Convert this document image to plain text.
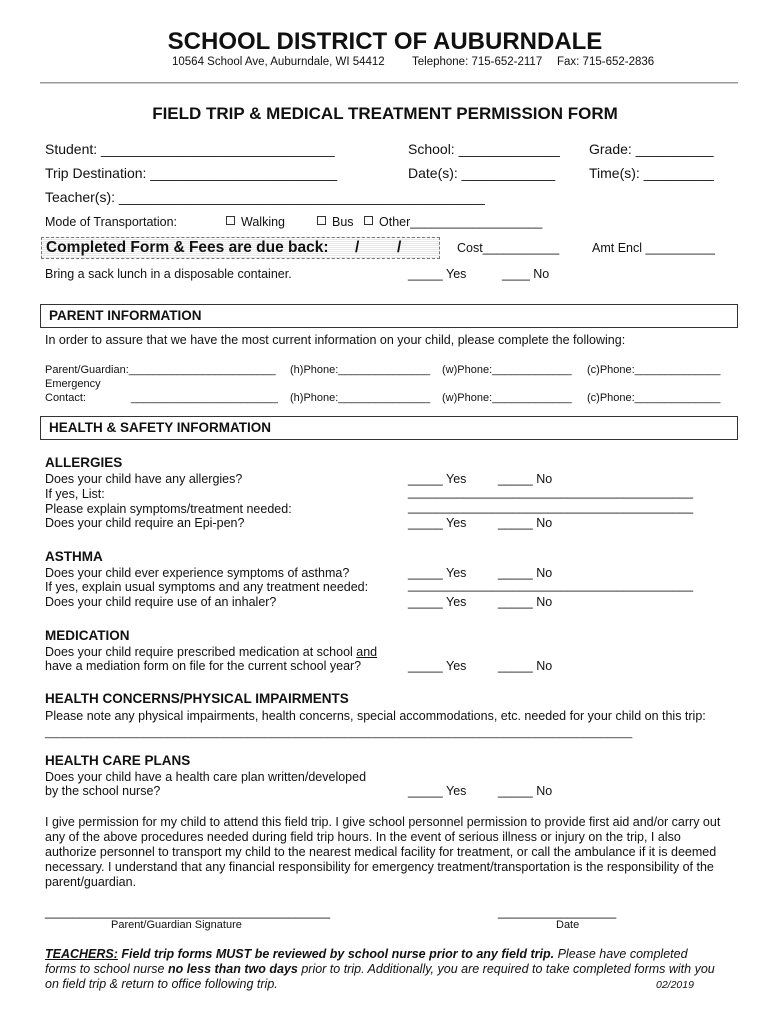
SCHOOL DISTRICT OF AUBURNDALE
10564 School Ave, Auburndale, WI 54412 Telephone: 715-652-2117 Fax: 715-652-2836
FIELD TRIP & MEDICAL TREATMENT PERMISSION FORM
Student: ______________________________	School: _____________ Grade: __________
Trip Destination: ________________________	Date(s): ____________ Time(s): _________
Teacher(s): _______________________________________________
Mode of Transportation:	Walking	Bus	Other___________________
Completed Form & Fees are due back: / /	Cost___________	Amt Encl __________
Bring a sack lunch in a disposable container.	_____ Yes	____ No
PARENT INFORMATION
In order to assure that we have the most current information on your child, please complete the following:
Parent/Guardian:________________________ (h)Phone:_______________ (w)Phone:_____________ (c)Phone:______________
Emergency
Contact:	________________________ (h)Phone:_______________ (w)Phone:_____________ (c)Phone:______________
HEALTH & SAFETY INFORMATION
ALLERGIES
Does your child have any allergies?	_____ Yes	_____ No
If yes, List:	_________________________________________
Please explain symptoms/treatment needed:	_________________________________________
Does your child require an Epi-pen?	_____ Yes	_____ No
ASTHMA
Does your child ever experience symptoms of asthma?	_____ Yes	_____ No
If yes, explain usual symptoms and any treatment needed:	_________________________________________
Does your child require use of an inhaler?	_____ Yes	_____ No
MEDICATION
Does your child require prescribed medication at school and
have a mediation form on file for the current school year?	_____ Yes	_____ No
HEALTH CONCERNS/PHYSICAL IMPAIRMENTS
Please note any physical impairments, health concerns, special accommodations, etc. needed for your child on this trip:
________________________________________________________________________________________________
HEALTH CARE PLANS
Does your child have a health care plan written/developed
by the school nurse?	_____ Yes	_____ No
I give permission for my child to attend this field trip. I give school personnel permission to provide first aid and/or carry out
any of the above procedures needed during field trip hours. In the event of serious illness or injury on the trip, I also
authorize personnel to transport my child to the nearest medical facility for treatment, or call the ambulance if it is deemed
necessary. I understand that any financial responsibility for emergency treatment/transportation is the responsibility of the
parent/guardian.
_________________________________________
Parent/Guardian Signature
_________________
Date
TEACHERS: Field trip forms MUST be reviewed by school nurse prior to any field trip. Please have completed
forms to school nurse no less than two days prior to trip. Additionally, you are required to take completed forms with you
on field trip & return to office following trip.	02/2019
